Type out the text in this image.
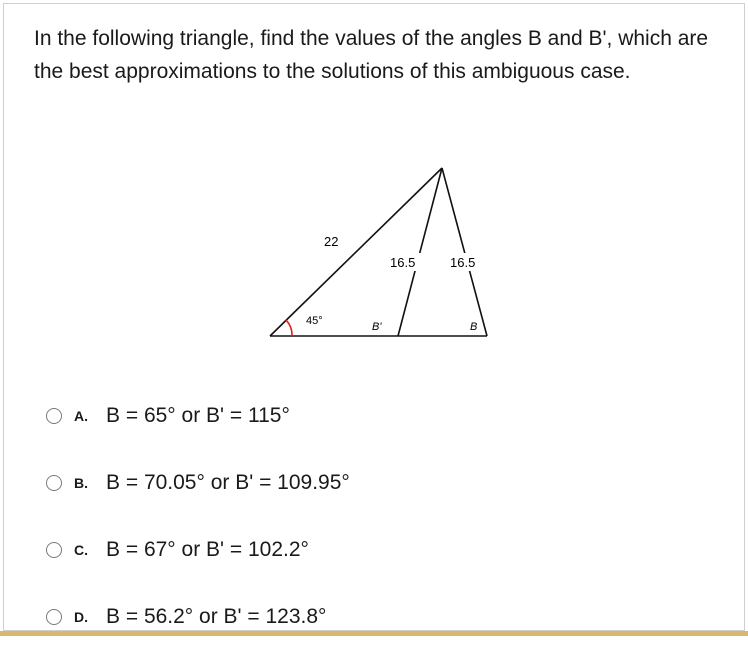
In the following triangle, find the values of the angles B and B', which are the best approximations to the solutions of this ambiguous case.
22
16.5	16.5
45°	B'	B
A. B = 65° or B' = 115°
B. B = 70.05° or B' = 109.95°
C. B = 67° or B' = 102.2°
D. B = 56.2° or B' = 123.8°
